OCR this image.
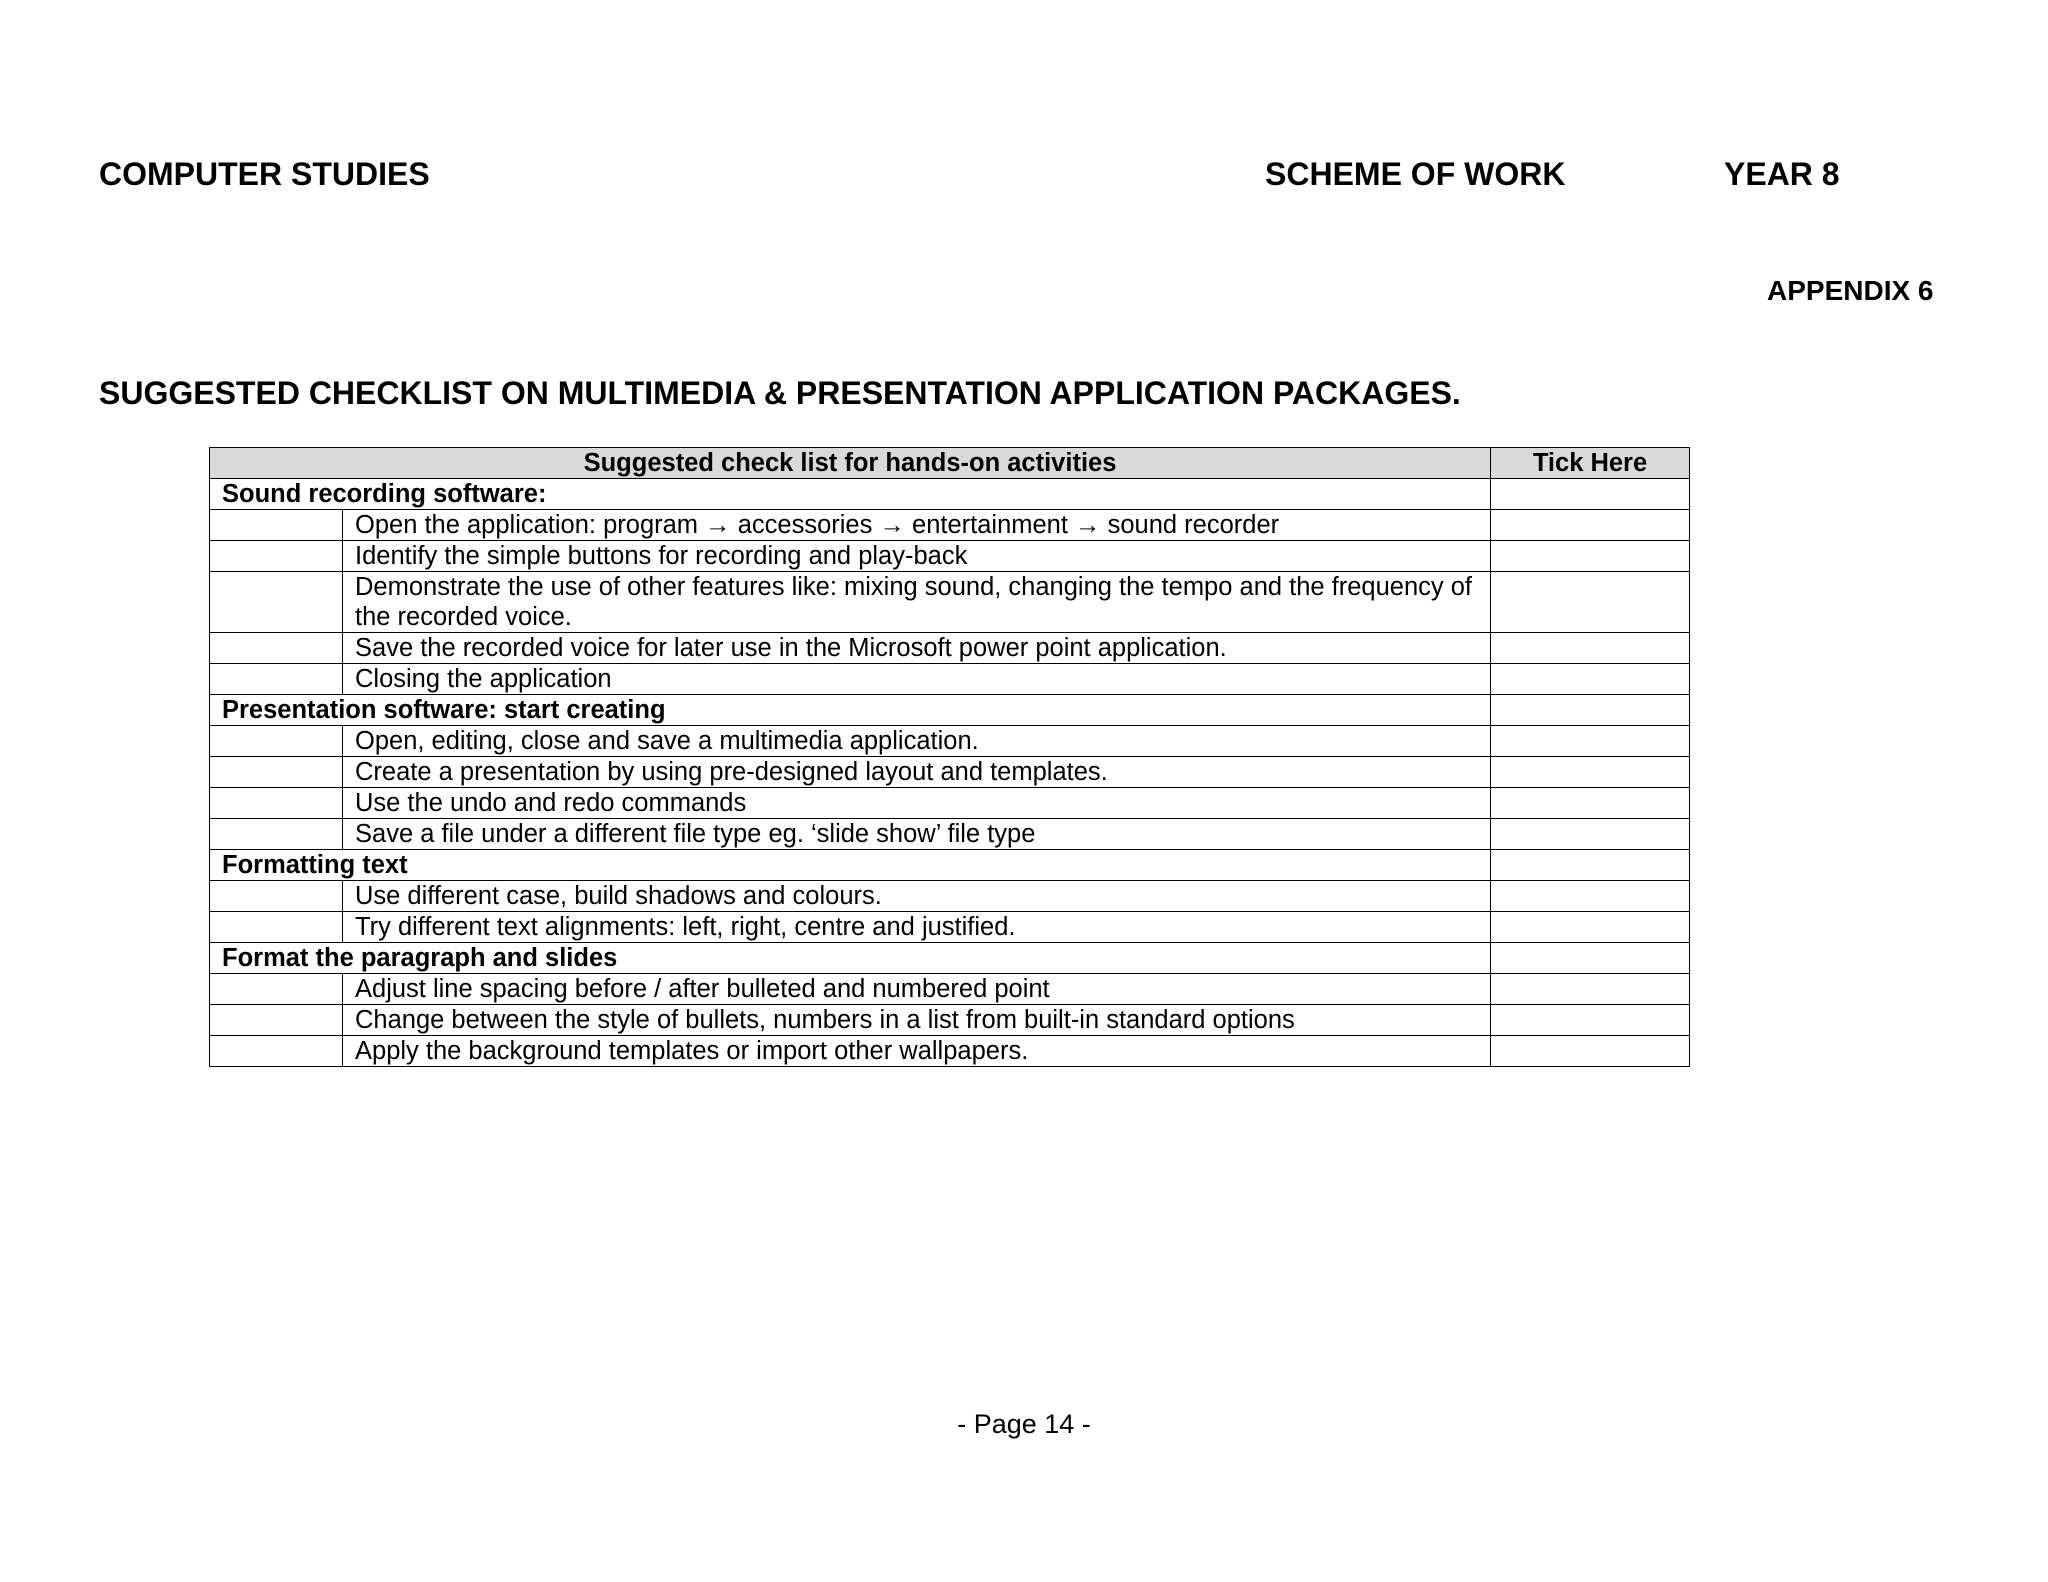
COMPUTER STUDIES	SCHEME OF WORK	YEAR 8
APPENDIX 6
SUGGESTED CHECKLIST ON MULTIMEDIA & PRESENTATION APPLICATION PACKAGES.
Suggested check list for hands-on activities		Tick Here
Sound recording software:		
	Open the application: program → accessories → entertainment → sound recorder	
	Identify the simple buttons for recording and play-back	
	Demonstrate the use of other features like: mixing sound, changing the tempo and the frequency of the recorded voice.	
	Save the recorded voice for later use in the Microsoft power point application.	
	Closing the application	
Presentation software: start creating		
	Open, editing, close and save a multimedia application.	
	Create a presentation by using pre-designed layout and templates.	
	Use the undo and redo commands	
	Save a file under a different file type eg. ‘slide show’ file type	
Formatting text		
	Use different case, build shadows and colours.	
	Try different text alignments: left, right, centre and justified.	
Format the paragraph and slides		
	Adjust line spacing before / after bulleted and numbered point	
	Change between the style of bullets, numbers in a list from built-in standard options	
	Apply the background templates or import other wallpapers.	
- Page 14 -
